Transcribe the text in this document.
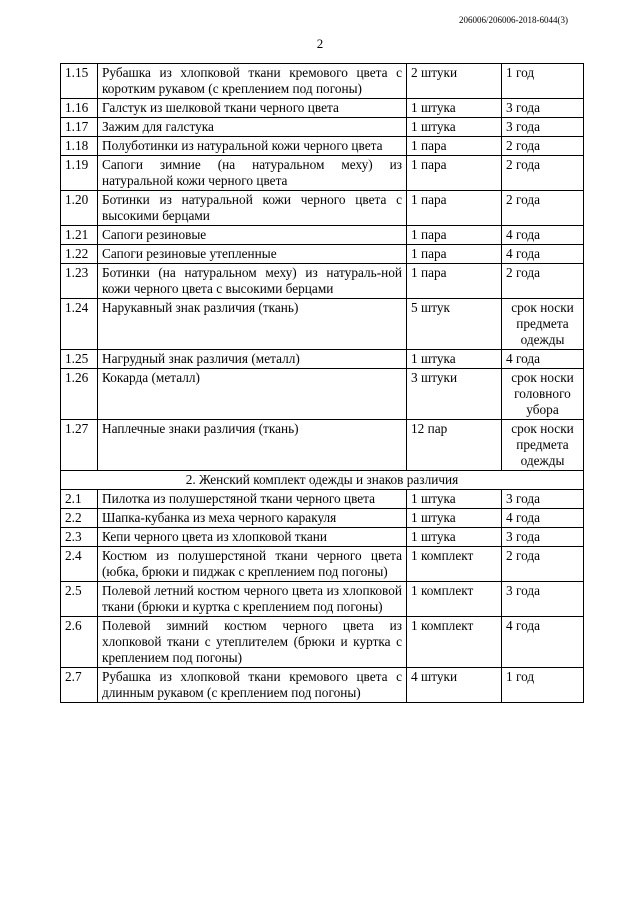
206006/206006-2018-6044(3)
2
1.15	Рубашка из хлопковой ткани кремового цвета с коротким рукавом (с креплением под погоны)	2 штуки	1 год
1.16	Галстук из шелковой ткани черного цвета	1 штука	3 года
1.17	Зажим для галстука	1 штука	3 года
1.18	Полуботинки из натуральной кожи черного цвета	1 пара	2 года
1.19	Сапоги зимние (на натуральном меху) из натуральной кожи черного цвета	1 пара	2 года
1.20	Ботинки из натуральной кожи черного цвета с высокими берцами	1 пара	2 года
1.21	Сапоги резиновые	1 пара	4 года
1.22	Сапоги резиновые утепленные	1 пара	4 года
1.23	Ботинки (на натуральном меху) из натураль-ной кожи черного цвета с высокими берцами	1 пара	2 года
1.24	Нарукавный знак различия (ткань)	5 штук	срок носки предмета одежды
1.25	Нагрудный знак различия (металл)	1 штука	4 года
1.26	Кокарда (металл)	3 штуки	срок носки головного убора
1.27	Наплечные знаки различия (ткань)	12 пар	срок носки предмета одежды
2. Женский комплект одежды и знаков различия			
2.1	Пилотка из полушерстяной ткани черного цвета	1 штука	3 года
2.2	Шапка-кубанка из меха черного каракуля	1 штука	4 года
2.3	Кепи черного цвета из хлопковой ткани	1 штука	3 года
2.4	Костюм из полушерстяной ткани черного цвета (юбка, брюки и пиджак с креплением под погоны)	1 комплект	2 года
2.5	Полевой летний костюм черного цвета из хлопковой ткани (брюки и куртка с креплением под погоны)	1 комплект	3 года
2.6	Полевой зимний костюм черного цвета из хлопковой ткани с утеплителем (брюки и куртка с креплением под погоны)	1 комплект	4 года
2.7	Рубашка из хлопковой ткани кремового цвета с длинным рукавом (с креплением под погоны)	4 штуки	1 год
